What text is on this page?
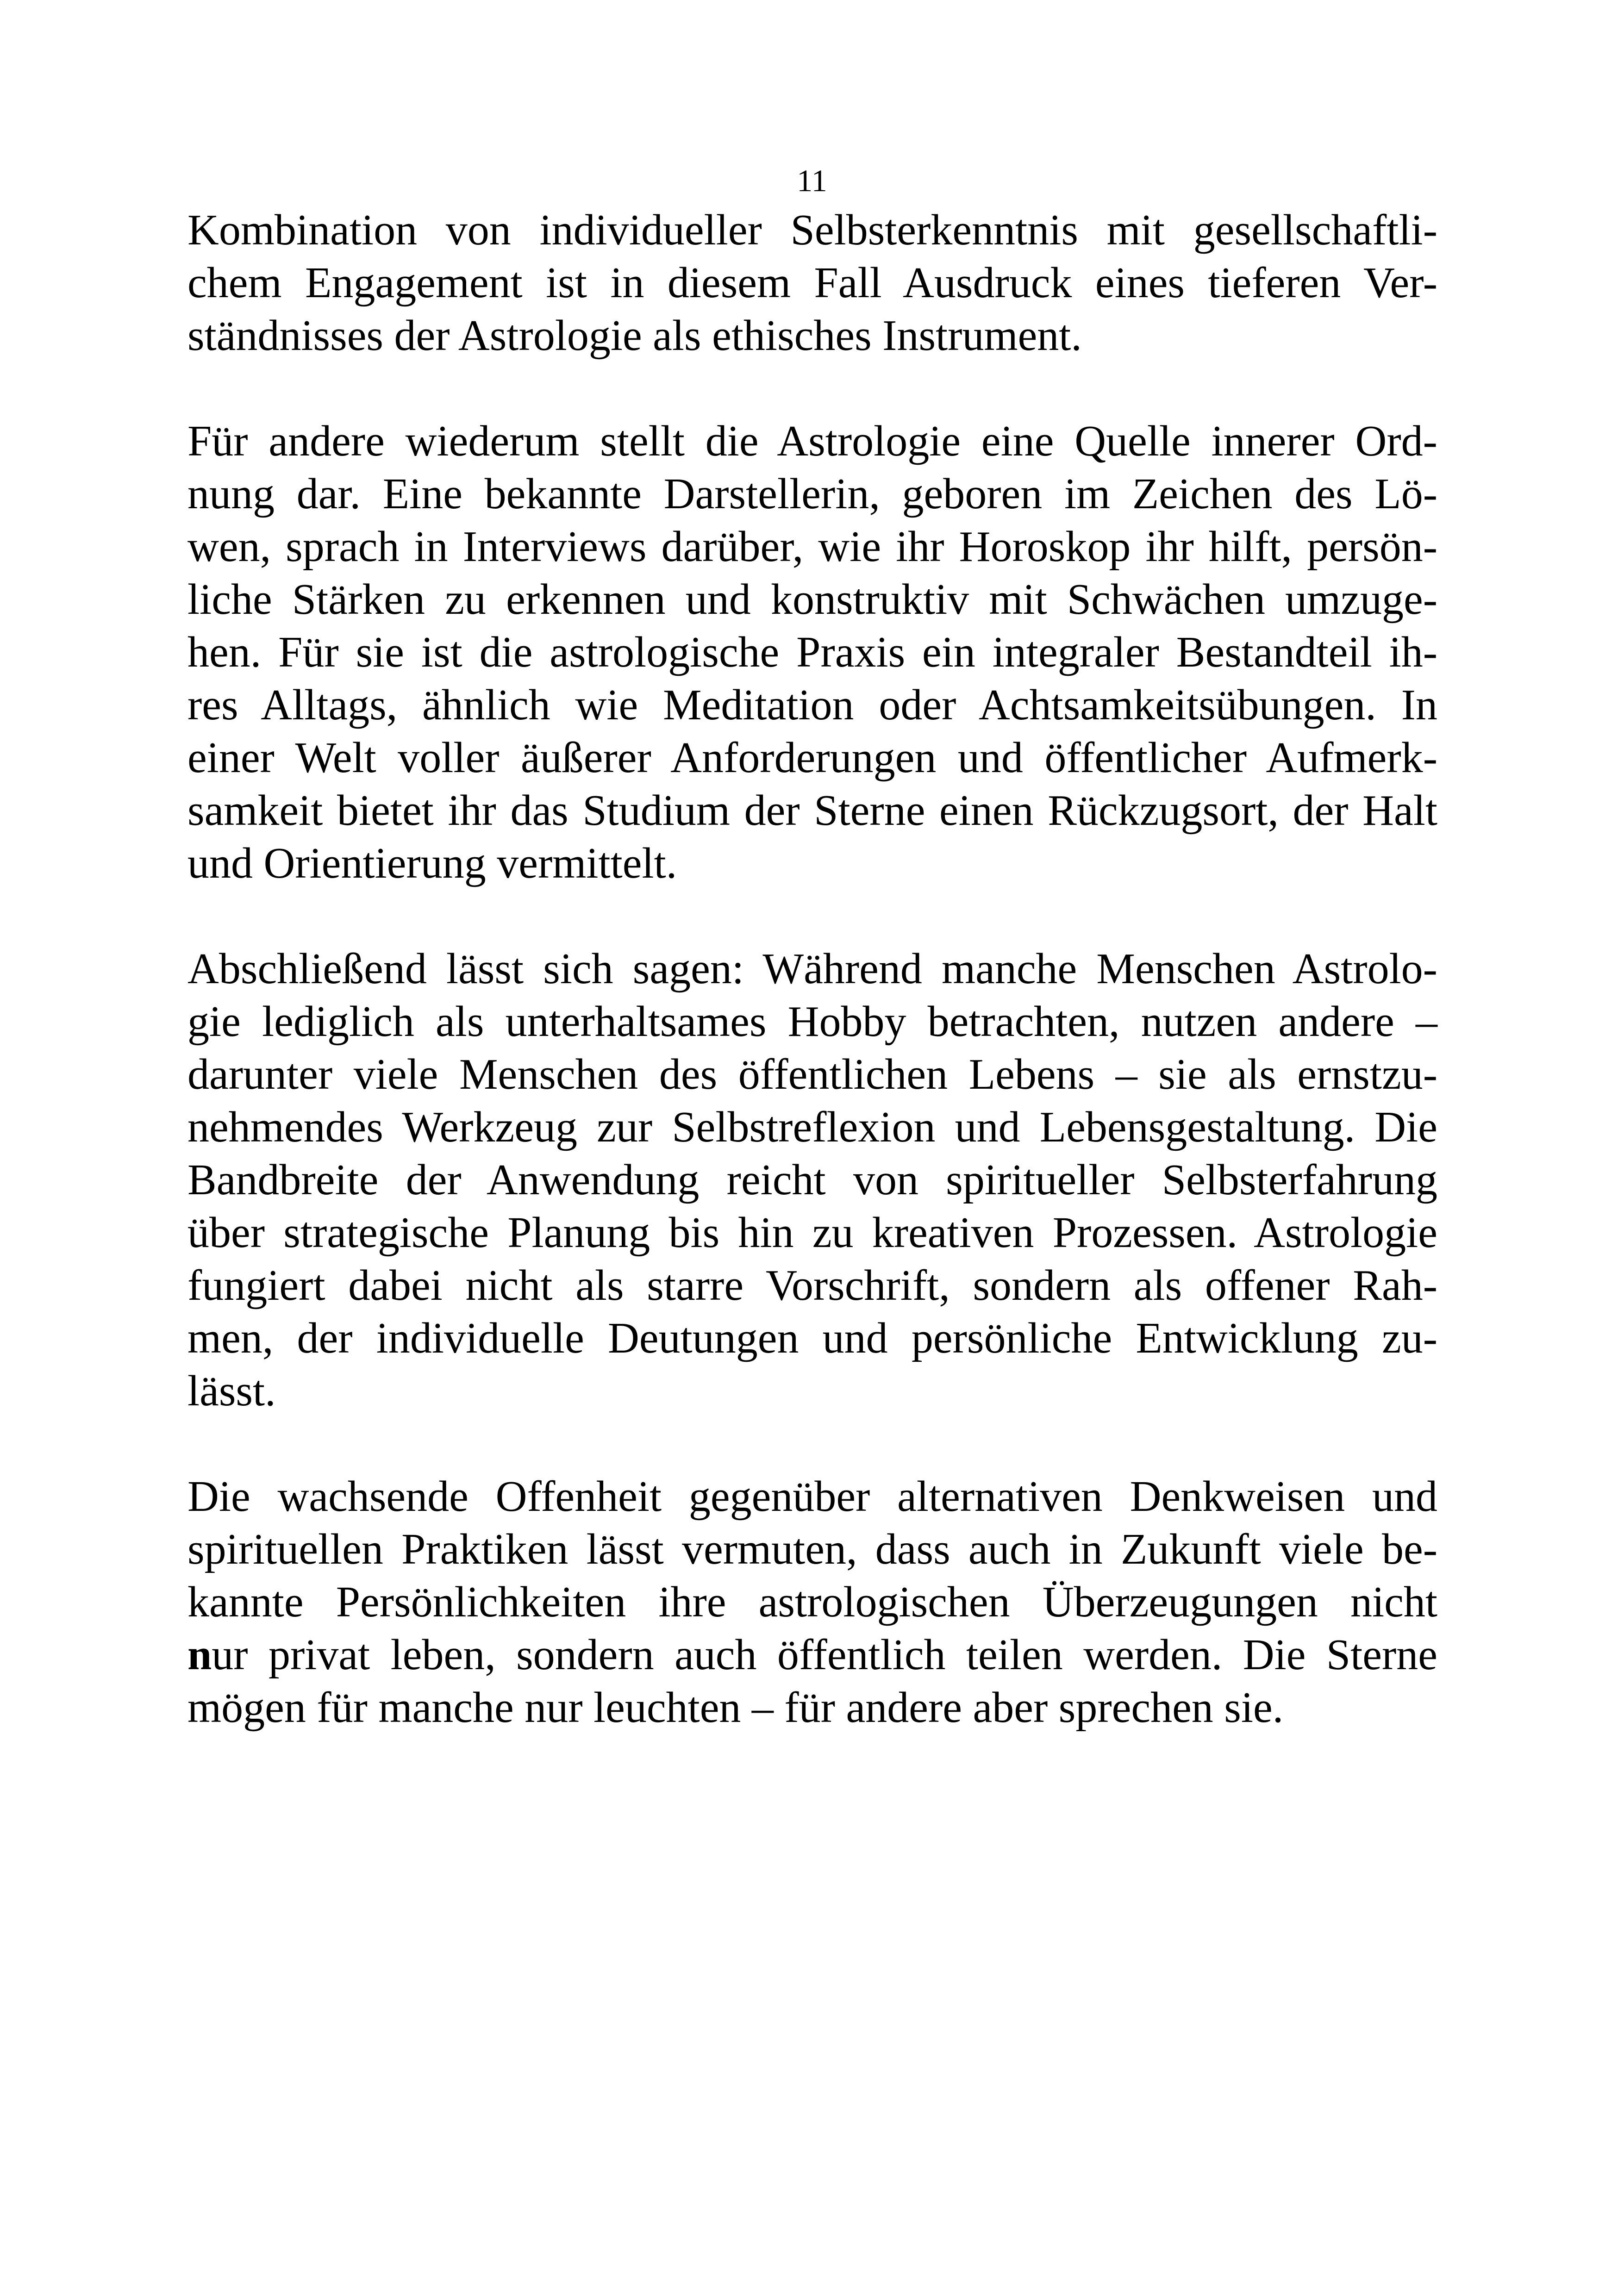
11

Kombination von individueller Selbsterkenntnis mit gesellschaftli-
chem Engagement ist in diesem Fall Ausdruck eines tieferen Ver-
ständnisses der Astrologie als ethisches Instrument.

Für andere wiederum stellt die Astrologie eine Quelle innerer Ord-
nung dar. Eine bekannte Darstellerin, geboren im Zeichen des Lö-
wen, sprach in Interviews darüber, wie ihr Horoskop ihr hilft, persön-
liche Stärken zu erkennen und konstruktiv mit Schwächen umzuge-
hen. Für sie ist die astrologische Praxis ein integraler Bestandteil ih-
res Alltags, ähnlich wie Meditation oder Achtsamkeitsübungen. In
einer Welt voller äußerer Anforderungen und öffentlicher Aufmerk-
samkeit bietet ihr das Studium der Sterne einen Rückzugsort, der Halt
und Orientierung vermittelt.

Abschließend lässt sich sagen: Während manche Menschen Astrolo-
gie lediglich als unterhaltsames Hobby betrachten, nutzen andere –
darunter viele Menschen des öffentlichen Lebens – sie als ernstzu-
nehmendes Werkzeug zur Selbstreflexion und Lebensgestaltung. Die
Bandbreite der Anwendung reicht von spiritueller Selbsterfahrung
über strategische Planung bis hin zu kreativen Prozessen. Astrologie
fungiert dabei nicht als starre Vorschrift, sondern als offener Rah-
men, der individuelle Deutungen und persönliche Entwicklung zu-
lässt.

Die wachsende Offenheit gegenüber alternativen Denkweisen und
spirituellen Praktiken lässt vermuten, dass auch in Zukunft viele be-
kannte Persönlichkeiten ihre astrologischen Überzeugungen nicht
nur privat leben, sondern auch öffentlich teilen werden. Die Sterne
mögen für manche nur leuchten – für andere aber sprechen sie.
